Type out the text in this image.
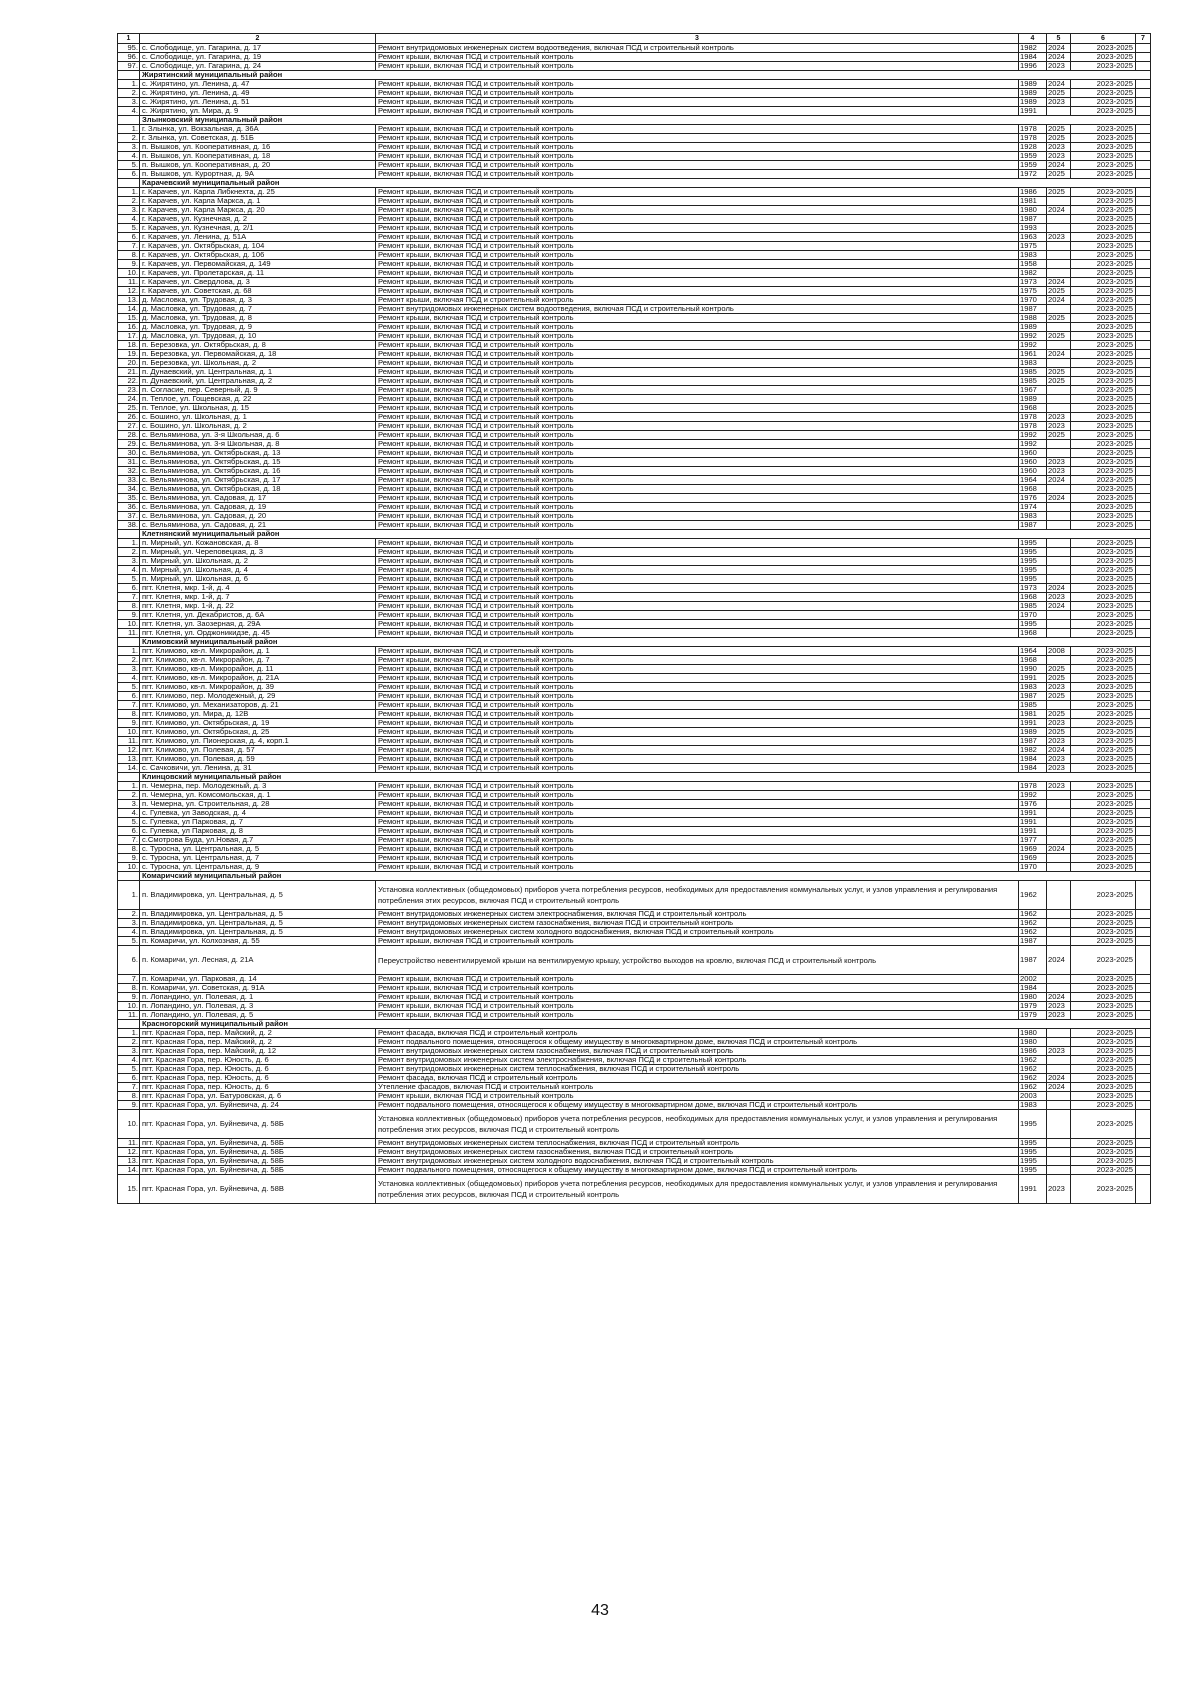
1	2	3	4	5	6	7
95.	с. Слободище, ул. Гагарина, д. 17	Ремонт внутридомовых инженерных систем водоотведения, включая ПСД и строительный контроль	1982	2024	2023-2025	
96.	с. Слободище, ул. Гагарина, д. 19	Ремонт крыши, включая ПСД и строительный контроль	1984	2024	2023-2025	
97.	с. Слободище, ул. Гагарина, д. 24	Ремонт крыши, включая ПСД и строительный контроль	1996	2023	2023-2025	
	Жирятинский муниципальный район					
1.	с. Жирятино, ул. Ленина, д. 47	Ремонт крыши, включая ПСД и строительный контроль	1989	2024	2023-2025	
2.	с. Жирятино, ул. Ленина, д. 49	Ремонт крыши, включая ПСД и строительный контроль	1989	2025	2023-2025	
3.	с. Жирятино, ул. Ленина, д. 51	Ремонт крыши, включая ПСД и строительный контроль	1989	2023	2023-2025	
4.	с. Жирятино, ул. Мира, д. 9	Ремонт крыши, включая ПСД и строительный контроль	1991		2023-2025	
	Злынковский муниципальный район					
1.	г. Злынка, ул. Вокзальная, д. 36А	Ремонт крыши, включая ПСД и строительный контроль	1978	2025	2023-2025	
2.	г. Злынка, ул. Советская, д. 51Б	Ремонт крыши, включая ПСД и строительный контроль	1978	2025	2023-2025	
3.	п. Вышков, ул. Кооперативная, д. 16	Ремонт крыши, включая ПСД и строительный контроль	1928	2023	2023-2025	
4.	п. Вышков, ул. Кооперативная, д. 18	Ремонт крыши, включая ПСД и строительный контроль	1959	2023	2023-2025	
5.	п. Вышков, ул. Кооперативная, д. 20	Ремонт крыши, включая ПСД и строительный контроль	1959	2024	2023-2025	
6.	п. Вышков, ул. Курортная, д. 9А	Ремонт крыши, включая ПСД и строительный контроль	1972	2025	2023-2025	
	Карачевский муниципальный район					
1.	г. Карачев, ул. Карла Либкнехта, д. 25	Ремонт крыши, включая ПСД и строительный контроль	1986	2025	2023-2025	
2.	г. Карачев, ул. Карла Маркса, д. 1	Ремонт крыши, включая ПСД и строительный контроль	1981		2023-2025	
3.	г. Карачев, ул. Карла Маркса, д. 20	Ремонт крыши, включая ПСД и строительный контроль	1980	2024	2023-2025	
4.	г. Карачев, ул. Кузнечная, д. 2	Ремонт крыши, включая ПСД и строительный контроль	1987		2023-2025	
5.	г. Карачев, ул. Кузнечная, д. 2/1	Ремонт крыши, включая ПСД и строительный контроль	1993		2023-2025	
6.	г. Карачев, ул. Ленина, д. 51А	Ремонт крыши, включая ПСД и строительный контроль	1963	2023	2023-2025	
7.	г. Карачев, ул. Октябрьская, д. 104	Ремонт крыши, включая ПСД и строительный контроль	1975		2023-2025	
8.	г. Карачев, ул. Октябрьская, д. 106	Ремонт крыши, включая ПСД и строительный контроль	1983		2023-2025	
9.	г. Карачев, ул. Первомайская, д. 149	Ремонт крыши, включая ПСД и строительный контроль	1958		2023-2025	
10.	г. Карачев, ул. Пролетарская, д. 11	Ремонт крыши, включая ПСД и строительный контроль	1982		2023-2025	
11.	г. Карачев, ул. Свердлова, д. 3	Ремонт крыши, включая ПСД и строительный контроль	1973	2024	2023-2025	
12.	г. Карачев, ул. Советская, д. 68	Ремонт крыши, включая ПСД и строительный контроль	1975	2025	2023-2025	
13.	д. Масловка, ул. Трудовая, д. 3	Ремонт крыши, включая ПСД и строительный контроль	1970	2024	2023-2025	
14.	д. Масловка, ул. Трудовая, д. 7	Ремонт внутридомовых инженерных систем водоотведения, включая ПСД и строительный контроль	1987		2023-2025	
15.	д. Масловка, ул. Трудовая, д. 8	Ремонт крыши, включая ПСД и строительный контроль	1988	2025	2023-2025	
16.	д. Масловка, ул. Трудовая, д. 9	Ремонт крыши, включая ПСД и строительный контроль	1989		2023-2025	
17.	д. Масловка, ул. Трудовая, д. 10	Ремонт крыши, включая ПСД и строительный контроль	1992	2025	2023-2025	
18.	п. Березовка, ул. Октябрьская, д. 8	Ремонт крыши, включая ПСД и строительный контроль	1992		2023-2025	
19.	п. Березовка, ул. Первомайская, д. 18	Ремонт крыши, включая ПСД и строительный контроль	1961	2024	2023-2025	
20.	п. Березовка, ул. Школьная, д. 2	Ремонт крыши, включая ПСД и строительный контроль	1983		2023-2025	
21.	п. Дунаевский, ул. Центральная, д. 1	Ремонт крыши, включая ПСД и строительный контроль	1985	2025	2023-2025	
22.	п. Дунаевский, ул. Центральная, д. 2	Ремонт крыши, включая ПСД и строительный контроль	1985	2025	2023-2025	
23.	п. Согласие, пер. Северный, д. 9	Ремонт крыши, включая ПСД и строительный контроль	1967		2023-2025	
24.	п. Теплое, ул. Гощевская, д. 22	Ремонт крыши, включая ПСД и строительный контроль	1989		2023-2025	
25.	п. Теплое, ул. Школьная, д. 15	Ремонт крыши, включая ПСД и строительный контроль	1968		2023-2025	
26.	с. Бошино, ул. Школьная, д. 1	Ремонт крыши, включая ПСД и строительный контроль	1978	2023	2023-2025	
27.	с. Бошино, ул. Школьная, д. 2	Ремонт крыши, включая ПСД и строительный контроль	1978	2023	2023-2025	
28.	с. Вельяминова, ул. 3-я Школьная, д. 6	Ремонт крыши, включая ПСД и строительный контроль	1992	2025	2023-2025	
29.	с. Вельяминова, ул. 3-я Школьная, д. 8	Ремонт крыши, включая ПСД и строительный контроль	1992		2023-2025	
30.	с. Вельяминова, ул. Октябрьская, д. 13	Ремонт крыши, включая ПСД и строительный контроль	1960		2023-2025	
31.	с. Вельяминова, ул. Октябрьская, д. 15	Ремонт крыши, включая ПСД и строительный контроль	1960	2023	2023-2025	
32.	с. Вельяминова, ул. Октябрьская, д. 16	Ремонт крыши, включая ПСД и строительный контроль	1960	2023	2023-2025	
33.	с. Вельяминова, ул. Октябрьская, д. 17	Ремонт крыши, включая ПСД и строительный контроль	1964	2024	2023-2025	
34.	с. Вельяминова, ул. Октябрьская, д. 18	Ремонт крыши, включая ПСД и строительный контроль	1968		2023-2025	
35.	с. Вельяминова, ул. Садовая, д. 17	Ремонт крыши, включая ПСД и строительный контроль	1976	2024	2023-2025	
36.	с. Вельяминова, ул. Садовая, д. 19	Ремонт крыши, включая ПСД и строительный контроль	1974		2023-2025	
37.	с. Вельяминова, ул. Садовая, д. 20	Ремонт крыши, включая ПСД и строительный контроль	1983		2023-2025	
38.	с. Вельяминова, ул. Садовая, д. 21	Ремонт крыши, включая ПСД и строительный контроль	1987		2023-2025	
	Клетнянский муниципальный район					
1.	п. Мирный, ул. Кожановская, д. 8	Ремонт крыши, включая ПСД и строительный контроль	1995		2023-2025	
2.	п. Мирный, ул. Череповецкая, д. 3	Ремонт крыши, включая ПСД и строительный контроль	1995		2023-2025	
3.	п. Мирный, ул. Школьная, д. 2	Ремонт крыши, включая ПСД и строительный контроль	1995		2023-2025	
4.	п. Мирный, ул. Школьная, д. 4	Ремонт крыши, включая ПСД и строительный контроль	1995		2023-2025	
5.	п. Мирный, ул. Школьная, д. 6	Ремонт крыши, включая ПСД и строительный контроль	1995		2023-2025	
6.	пгт. Клетня, мкр. 1-й, д. 4	Ремонт крыши, включая ПСД и строительный контроль	1973	2024	2023-2025	
7.	пгт. Клетня, мкр. 1-й, д. 7	Ремонт крыши, включая ПСД и строительный контроль	1968	2023	2023-2025	
8.	пгт. Клетня, мкр. 1-й, д. 22	Ремонт крыши, включая ПСД и строительный контроль	1985	2024	2023-2025	
9.	пгт. Клетня, ул. Декабристов, д. 6А	Ремонт крыши, включая ПСД и строительный контроль	1970		2023-2025	
10.	пгт. Клетня, ул. Заозерная, д. 29А	Ремонт крыши, включая ПСД и строительный контроль	1995		2023-2025	
11.	пгт. Клетня, ул. Орджоникидзе, д. 45	Ремонт крыши, включая ПСД и строительный контроль	1968		2023-2025	
	Климовский муниципальный район					
1.	пгт. Климово, кв-л. Микрорайон, д. 1	Ремонт крыши, включая ПСД и строительный контроль	1964	2008	2023-2025	
2.	пгт. Климово, кв-л. Микрорайон, д. 7	Ремонт крыши, включая ПСД и строительный контроль	1968		2023-2025	
3.	пгт. Климово, кв-л. Микрорайон, д. 11	Ремонт крыши, включая ПСД и строительный контроль	1990	2025	2023-2025	
4.	пгт. Климово, кв-л. Микрорайон, д. 21А	Ремонт крыши, включая ПСД и строительный контроль	1991	2025	2023-2025	
5.	пгт. Климово, кв-л. Микрорайон, д. 39	Ремонт крыши, включая ПСД и строительный контроль	1983	2023	2023-2025	
6.	пгт. Климово, пер. Молодежный, д. 29	Ремонт крыши, включая ПСД и строительный контроль	1987	2025	2023-2025	
7.	пгт. Климово, ул. Механизаторов, д. 21	Ремонт крыши, включая ПСД и строительный контроль	1985		2023-2025	
8.	пгт. Климово, ул. Мира, д. 12В	Ремонт крыши, включая ПСД и строительный контроль	1981	2025	2023-2025	
9.	пгт. Климово, ул. Октябрьская, д. 19	Ремонт крыши, включая ПСД и строительный контроль	1991	2023	2023-2025	
10.	пгт. Климово, ул. Октябрьская, д. 25	Ремонт крыши, включая ПСД и строительный контроль	1989	2025	2023-2025	
11.	пгт. Климово, ул. Пионерская, д. 4, корп.1	Ремонт крыши, включая ПСД и строительный контроль	1987	2023	2023-2025	
12.	пгт. Климово, ул. Полевая, д. 57	Ремонт крыши, включая ПСД и строительный контроль	1982	2024	2023-2025	
13.	пгт. Климово, ул. Полевая, д. 59	Ремонт крыши, включая ПСД и строительный контроль	1984	2023	2023-2025	
14.	с. Сачковичи, ул. Ленина, д. 31	Ремонт крыши, включая ПСД и строительный контроль	1984	2023	2023-2025	
	Клинцовский муниципальный район					
1.	п. Чемерна, пер. Молодежный, д. 3	Ремонт крыши, включая ПСД и строительный контроль	1978	2023	2023-2025	
2.	п. Чемерна, ул. Комсомольская, д. 1	Ремонт крыши, включая ПСД и строительный контроль	1992		2023-2025	
3.	п. Чемерна, ул. Строительная, д. 28	Ремонт крыши, включая ПСД и строительный контроль	1976		2023-2025	
4.	с. Гулевка, ул Заводская, д. 4	Ремонт крыши, включая ПСД и строительный контроль	1991		2023-2025	
5.	с. Гулевка, ул Парковая, д. 7	Ремонт крыши, включая ПСД и строительный контроль	1991		2023-2025	
6.	с. Гулевка, ул Парковая, д. 8	Ремонт крыши, включая ПСД и строительный контроль	1991		2023-2025	
7.	с.Смотрова Буда, ул.Новая, д.7	Ремонт крыши, включая ПСД и строительный контроль	1977		2023-2025	
8.	с. Туросна, ул. Центральная, д. 5	Ремонт крыши, включая ПСД и строительный контроль	1969	2024	2023-2025	
9.	с. Туросна, ул. Центральная, д. 7	Ремонт крыши, включая ПСД и строительный контроль	1969		2023-2025	
10.	с. Туросна, ул. Центральная, д. 9	Ремонт крыши, включая ПСД и строительный контроль	1970		2023-2025	
	Комаричский муниципальный район					
1.	п. Владимировка, ул. Центральная, д. 5	Установка коллективных (общедомовых) приборов учета потребления ресурсов, необходимых для предоставления коммунальных услуг, и узлов управления и регулирования потребления этих ресурсов, включая ПСД и строительный контроль	1962		2023-2025	
2.	п. Владимировка, ул. Центральная, д. 5	Ремонт внутридомовых инженерных систем электроснабжения, включая ПСД и строительный контроль	1962		2023-2025	
3.	п. Владимировка, ул. Центральная, д. 5	Ремонт внутридомовых инженерных систем газоснабжения, включая ПСД и строительный контроль	1962		2023-2025	
4.	п. Владимировка, ул. Центральная, д. 5	Ремонт внутридомовых инженерных систем холодного водоснабжения, включая ПСД и строительный контроль	1962		2023-2025	
5.	п. Комаричи, ул. Колхозная, д. 55	Ремонт крыши, включая ПСД и строительный контроль	1987		2023-2025	
6.	п. Комаричи, ул. Лесная, д. 21А	Переустройство невентилируемой крыши на вентилируемую крышу, устройство выходов на кровлю, включая ПСД и строительный контроль	1987	2024	2023-2025	
7.	п. Комаричи, ул. Парковая, д. 14	Ремонт крыши, включая ПСД и строительный контроль	2002		2023-2025	
8.	п. Комаричи, ул. Советская, д. 91А	Ремонт крыши, включая ПСД и строительный контроль	1984		2023-2025	
9.	п. Лопандино, ул. Полевая, д. 1	Ремонт крыши, включая ПСД и строительный контроль	1980	2024	2023-2025	
10.	п. Лопандино, ул. Полевая, д. 3	Ремонт крыши, включая ПСД и строительный контроль	1979	2023	2023-2025	
11.	п. Лопандино, ул. Полевая, д. 5	Ремонт крыши, включая ПСД и строительный контроль	1979	2023	2023-2025	
	Красногорский муниципальный район					
1.	пгт. Красная Гора, пер. Майский, д. 2	Ремонт фасада, включая ПСД и строительный контроль	1980		2023-2025	
2.	пгт. Красная Гора, пер. Майский, д. 2	Ремонт подвального помещения, относящегося к общему имуществу в многоквартирном доме, включая ПСД и строительный контроль	1980		2023-2025	
3.	пгт. Красная Гора, пер. Майский, д. 12	Ремонт внутридомовых инженерных систем газоснабжения, включая ПСД и строительный контроль	1986	2023	2023-2025	
4.	пгт. Красная Гора, пер. Юность, д. 6	Ремонт внутридомовых инженерных систем электроснабжения, включая ПСД и строительный контроль	1962		2023-2025	
5.	пгт. Красная Гора, пер. Юность, д. 6	Ремонт внутридомовых инженерных систем теплоснабжения, включая ПСД и строительный контроль	1962		2023-2025	
6.	пгт. Красная Гора, пер. Юность, д. 6	Ремонт фасада, включая ПСД и строительный контроль	1962	2024	2023-2025	
7.	пгт. Красная Гора, пер. Юность, д. 6	Утепление фасадов, включая ПСД и строительный контроль	1962	2024	2023-2025	
8.	пгт. Красная Гора, ул. Батуровская, д. 6	Ремонт крыши, включая ПСД и строительный контроль	2003		2023-2025	
9.	пгт. Красная Гора, ул. Буйневича, д. 24	Ремонт подвального помещения, относящегося к общему имуществу в многоквартирном доме, включая ПСД и строительный контроль	1983		2023-2025	
10.	пгт. Красная Гора, ул. Буйневича, д. 58Б	Установка коллективных (общедомовых) приборов учета потребления ресурсов, необходимых для предоставления коммунальных услуг, и узлов управления и регулирования потребления этих ресурсов, включая ПСД и строительный контроль	1995		2023-2025	
11.	пгт. Красная Гора, ул. Буйневича, д. 58Б	Ремонт внутридомовых инженерных систем теплоснабжения, включая ПСД и строительный контроль	1995		2023-2025	
12.	пгт. Красная Гора, ул. Буйневича, д. 58Б	Ремонт внутридомовых инженерных систем газоснабжения, включая ПСД и строительный контроль	1995		2023-2025	
13.	пгт. Красная Гора, ул. Буйневича, д. 58Б	Ремонт внутридомовых инженерных систем холодного водоснабжения, включая ПСД и строительный контроль	1995		2023-2025	
14.	пгт. Красная Гора, ул. Буйневича, д. 58Б	Ремонт подвального помещения, относящегося к общему имуществу в многоквартирном доме, включая ПСД и строительный контроль	1995		2023-2025	
15.	пгт. Красная Гора, ул. Буйневича, д. 58В	Установка коллективных (общедомовых) приборов учета потребления ресурсов, необходимых для предоставления коммунальных услуг, и узлов управления и регулирования потребления этих ресурсов, включая ПСД и строительный контроль	1991	2023	2023-2025	
43
